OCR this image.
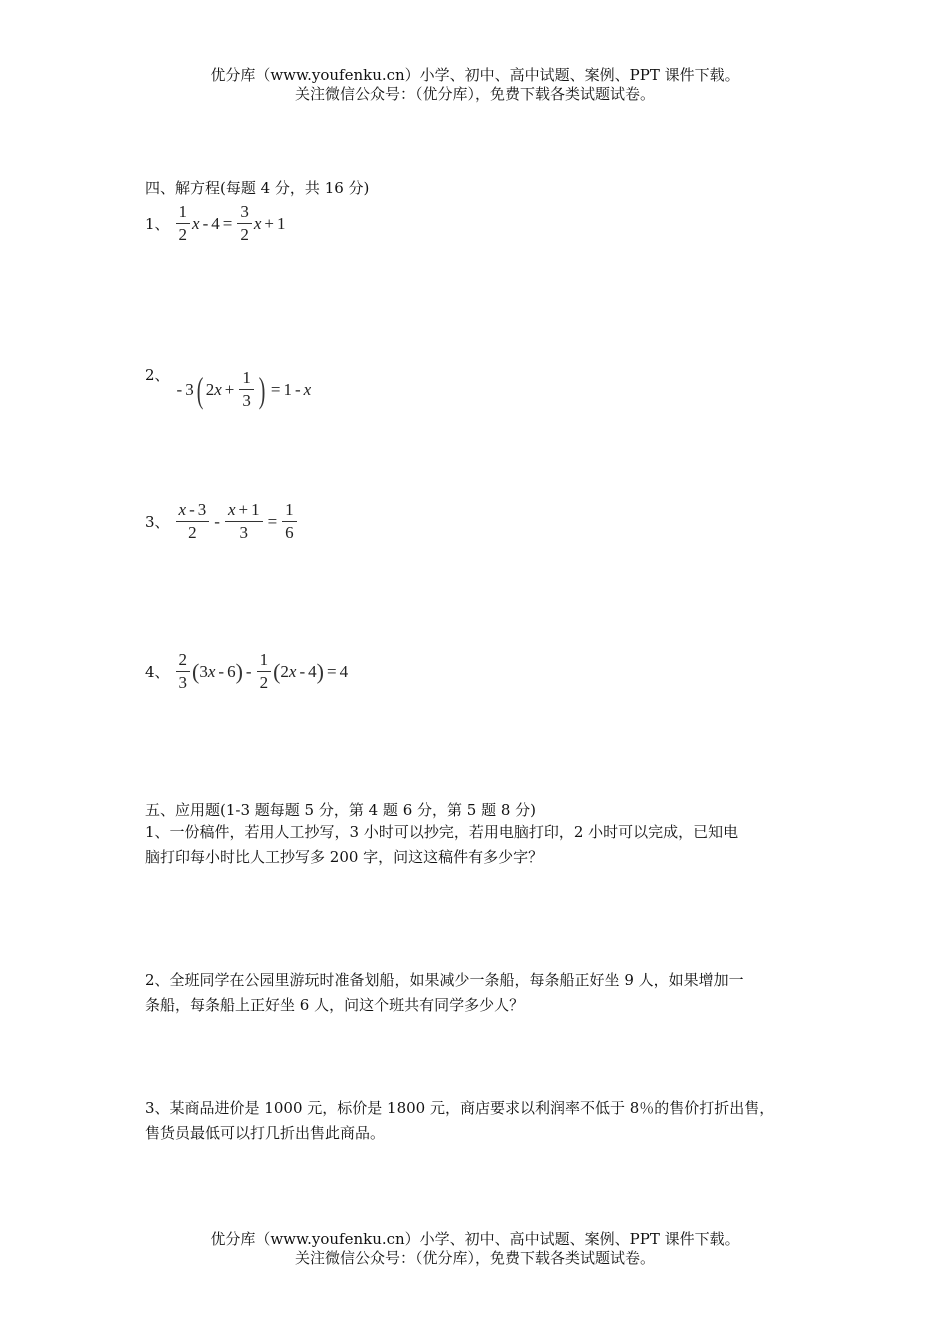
优分库（www.youfenku.cn）小学、初中、高中试题、案例、PPT 课件下载。
关注微信公众号：（优分库），免费下载各类试题试卷。
四、解方程(每题 4 分，共 16 分)
1、 $\frac{1}{2}$ $x - 4 = \frac{3}{2}$ x + 1
2、
- 3 ( 2 $x + \frac{1}{3}$ ) = 1 - x
3、 $\frac{x - 3}{2} - \frac{x + 1}{3} = \frac{1}{6}$
4、 $\frac{2}{3}$ ( 3 x - 6 ) - $\frac{1}{2}$ ( 2 x - 4 ) = 4
五、应用题(1-3 题每题 5 分，第 4 题 6 分，第 5 题 8 分)
1、一份稿件，若用人工抄写，3 小时可以抄完，若用电脑打印，2 小时可以完成，已知电
脑打印每小时比人工抄写多 200 字，问这这稿件有多少字？
2、全班同学在公园里游玩时准备划船，如果减少一条船，每条船正好坐 9 人，如果增加一
条船，每条船上正好坐 6 人，问这个班共有同学多少人？
3、某商品进价是 1000 元，标价是 1800 元，商店要求以利润率不低于 8％的售价打折出售，
售货员最低可以打几折出售此商品。
优分库（www.youfenku.cn）小学、初中、高中试题、案例、PPT 课件下载。
关注微信公众号：（优分库），免费下载各类试题试卷。
